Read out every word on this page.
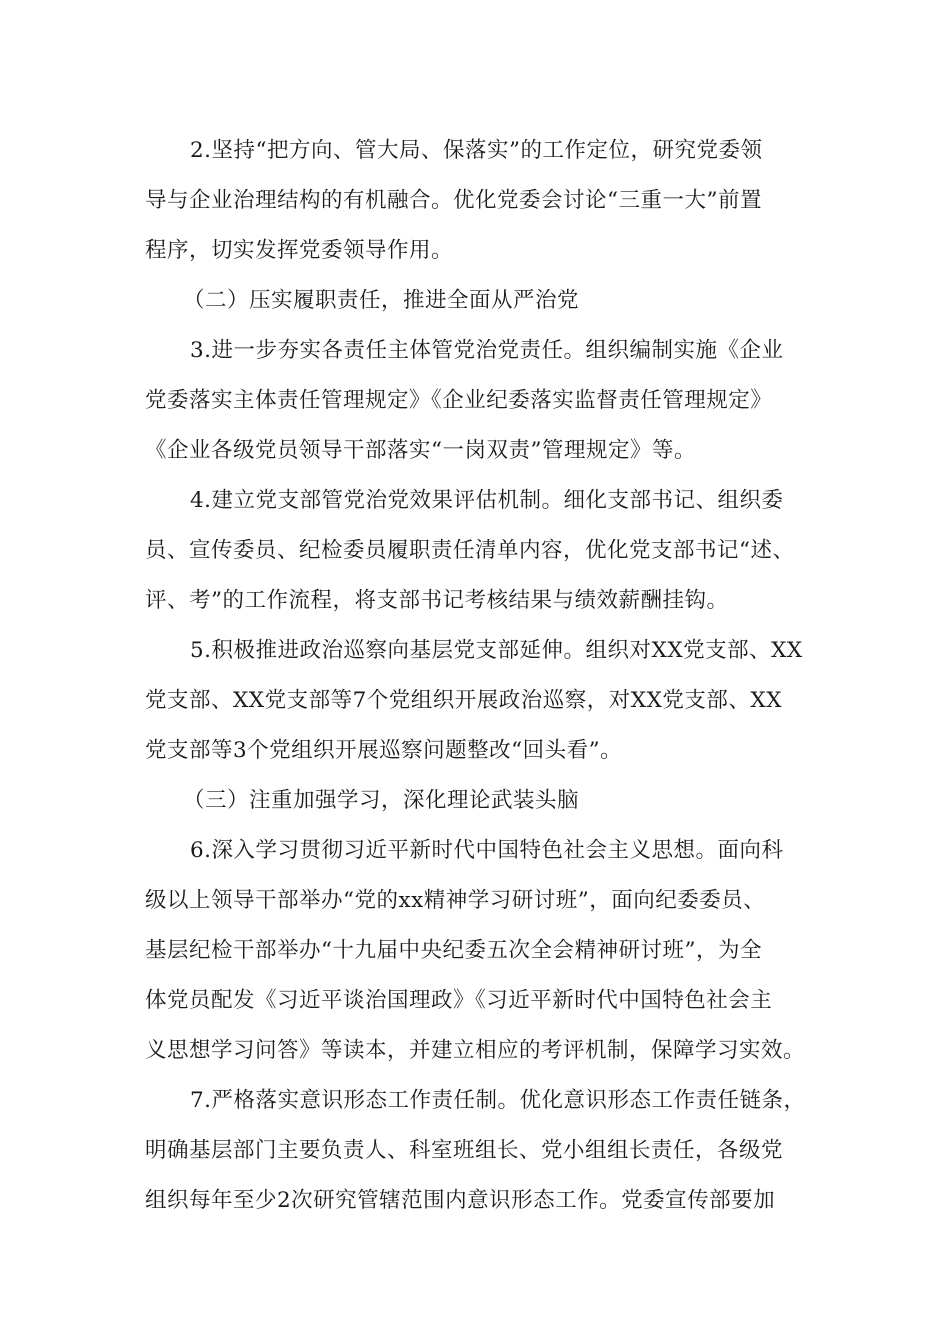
2.坚持“把方向、管大局、保落实”的工作定位，研究党委领
导与企业治理结构的有机融合。优化党委会讨论“三重一大”前置
程序，切实发挥党委领导作用。
（二）压实履职责任，推进全面从严治党
3.进一步夯实各责任主体管党治党责任。组织编制实施《企业
党委落实主体责任管理规定》《企业纪委落实监督责任管理规定》
《企业各级党员领导干部落实“一岗双责”管理规定》等。
4.建立党支部管党治党效果评估机制。细化支部书记、组织委
员、宣传委员、纪检委员履职责任清单内容，优化党支部书记“述、
评、考”的工作流程，将支部书记考核结果与绩效薪酬挂钩。
5.积极推进政治巡察向基层党支部延伸。组织对XX党支部、XX
党支部、XX党支部等7个党组织开展政治巡察，对XX党支部、XX
党支部等3个党组织开展巡察问题整改“回头看”。
（三）注重加强学习，深化理论武装头脑
6.深入学习贯彻习近平新时代中国特色社会主义思想。面向科
级以上领导干部举办“党的xx精神学习研讨班”，面向纪委委员、
基层纪检干部举办“十九届中央纪委五次全会精神研讨班”，为全
体党员配发《习近平谈治国理政》《习近平新时代中国特色社会主
义思想学习问答》等读本，并建立相应的考评机制，保障学习实效。
7.严格落实意识形态工作责任制。优化意识形态工作责任链条，
明确基层部门主要负责人、科室班组长、党小组组长责任，各级党
组织每年至少2次研究管辖范围内意识形态工作。党委宣传部要加
